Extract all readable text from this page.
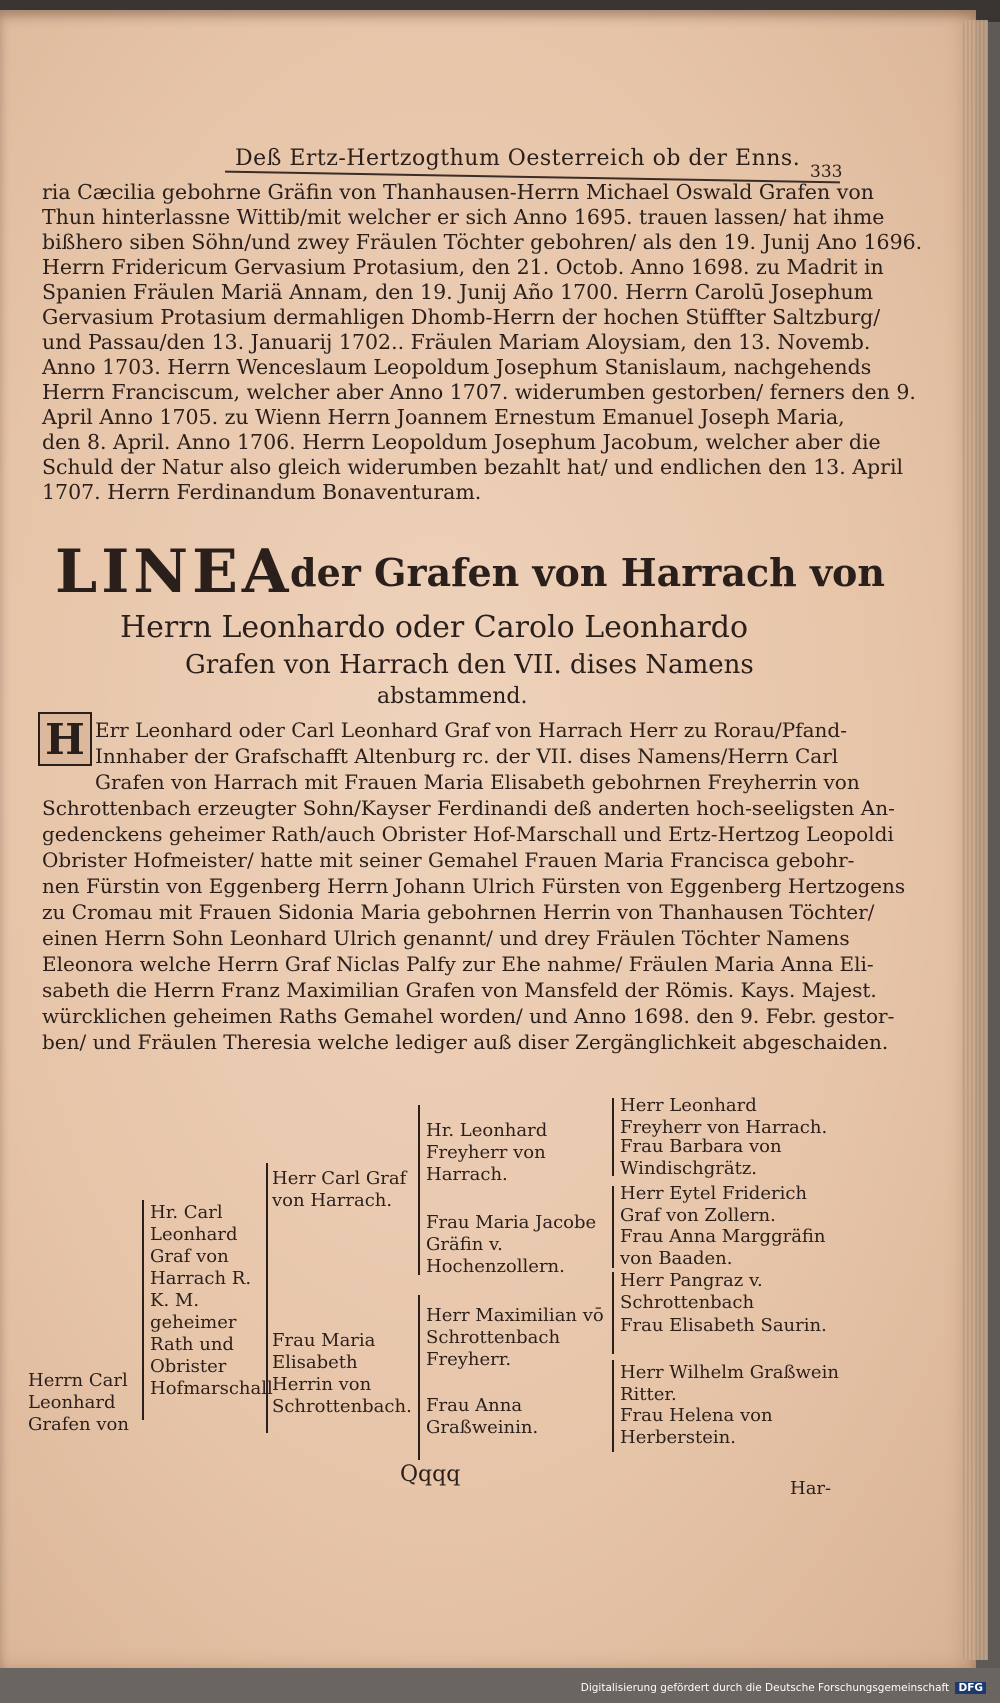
Deß Ertz-Hertzogthum Oesterreich ob der Enns.
333
ria Cæcilia gebohrne Gräfin von Thanhausen-Herrn Michael Oswald Grafen von
Thun hinterlassne Wittib/mit welcher er sich Anno 1695. trauen lassen/ hat ihme
bißhero siben Söhn/und zwey Fräulen Töchter gebohren/ als den 19. Junij Ano 1696.
Herrn Fridericum Gervasium Protasium, den 21. Octob. Anno 1698. zu Madrit in
Spanien Fräulen Mariä Annam, den 19. Junij Año 1700. Herrn Carolū Josephum
Gervasium Protasium dermahligen Dhomb-Herrn der hochen Stüffter Saltzburg/
und Passau/den 13. Januarij 1702.. Fräulen Mariam Aloysiam, den 13. Novemb.
Anno 1703. Herrn Wenceslaum Leopoldum Josephum Stanislaum, nachgehends
Herrn Franciscum, welcher aber Anno 1707. widerumben gestorben/ ferners den 9.
April Anno 1705. zu Wienn Herrn Joannem Ernestum Emanuel Joseph Maria,
den 8. April. Anno 1706. Herrn Leopoldum Josephum Jacobum, welcher aber die
Schuld der Natur also gleich widerumben bezahlt hat/ und endlichen den 13. April
1707. Herrn Ferdinandum Bonaventuram.
LINEA
der Grafen von Harrach von
Herrn Leonhardo oder Carolo Leonhardo
Grafen von Harrach den VII. dises Namens
abstammend.
H Err Leonhard oder Carl Leonhard Graf von Harrach Herr zu Rorau/Pfand-
Innhaber der Grafschafft Altenburg rc. der VII. dises Namens/Herrn Carl
Grafen von Harrach mit Frauen Maria Elisabeth gebohrnen Freyherrin von
Schrottenbach erzeugter Sohn/Kayser Ferdinandi deß anderten hoch-seeligsten An-
gedenckens geheimer Rath/auch Obrister Hof-Marschall und Ertz-Hertzog Leopoldi
Obrister Hofmeister/ hatte mit seiner Gemahel Frauen Maria Francisca gebohr-
nen Fürstin von Eggenberg Herrn Johann Ulrich Fürsten von Eggenberg Hertzogens
zu Cromau mit Frauen Sidonia Maria gebohrnen Herrin von Thanhausen Töchter/
einen Herrn Sohn Leonhard Ulrich genannt/ und drey Fräulen Töchter Namens
Eleonora welche Herrn Graf Niclas Palfy zur Ehe nahme/ Fräulen Maria Anna Eli-
sabeth die Herrn Franz Maximilian Grafen von Mansfeld der Römis. Kays. Majest.
würcklichen geheimen Raths Gemahel worden/ und Anno 1698. den 9. Febr. gestor-
ben/ und Fräulen Theresia welche lediger auß diser Zergänglichkeit abgeschaiden.
Herrn Carl Leonhard Grafen von
Hr. Carl Leonhard Graf von Harrach R. K. M. geheimer Rath und Obrister Hofmarschall
Frau Maria Elisabeth Herrin von Schrottenbach.
Herr Carl Graf von Harrach.
Hr. Leonhard Freyherr von Harrach.
Frau Maria Jacobe Gräfin v. Hochenzollern.
Herr Maximilian vō Schrottenbach Freyherr.
Frau Anna Graßweinin.
Herr Leonhard Freyherr von Harrach.
Frau Barbara von Windischgrätz.
Herr Eytel Friderich Graf von Zollern.
Frau Anna Marggräfin von Baaden.
Herr Pangraz v. Schrottenbach
Frau Elisabeth Saurin.
Herr Wilhelm Graßwein Ritter.
Frau Helena von Herberstein.
Qqqq
Har-
Digitalisierung gefördert durch die Deutsche Forschungsgemeinschaft DFG
